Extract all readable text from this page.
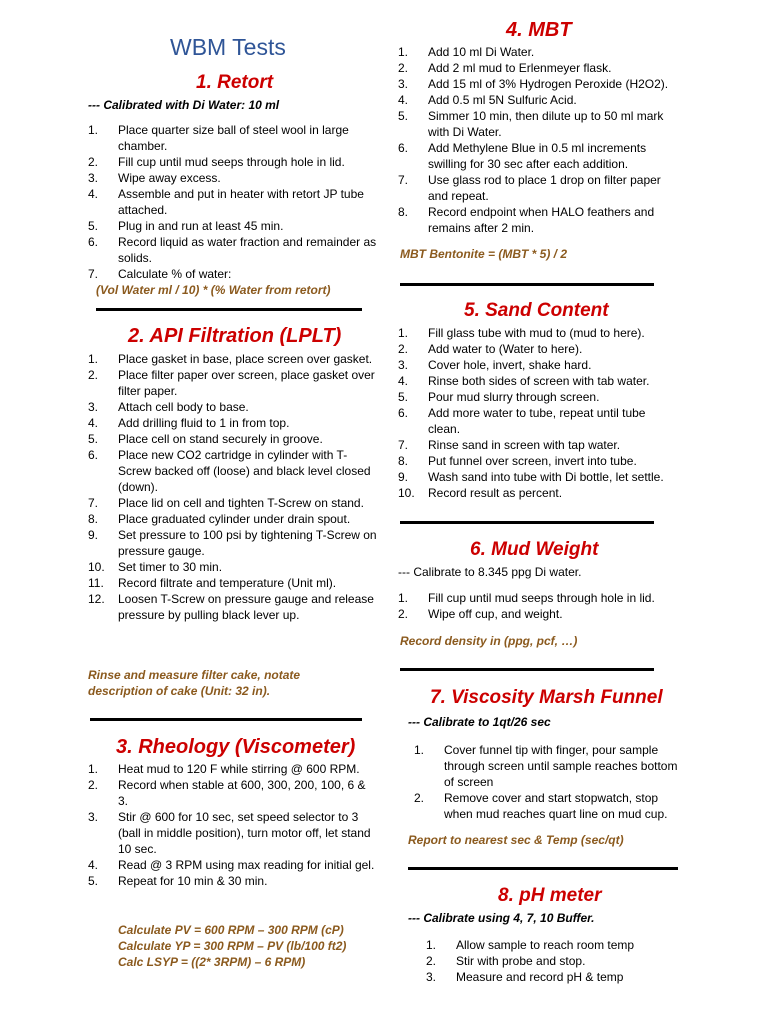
WBM Tests
1. Retort

--- Calibrated with Di Water: 10 ml

1. Place quarter size ball of steel wool in large chamber.
2. Fill cup until mud seeps through hole in lid.
3. Wipe away excess.
4. Assemble and put in heater with retort JP tube attached.
5. Plug in and run at least 45 min.
6. Record liquid as water fraction and remainder as solids.
7. Calculate % of water:

(Vol Water ml / 10) * (% Water from retort)

2. API Filtration (LPLT)
1. Place gasket in base, place screen over gasket.
2. Place filter paper over screen, place gasket over filter paper.
3. Attach cell body to base.
4. Add drilling fluid to 1 in from top.
5. Place cell on stand securely in groove.
6. Place new CO2 cartridge in cylinder with T-Screw backed off (loose) and black level closed (down).
7. Place lid on cell and tighten T-Screw on stand.
8. Place graduated cylinder under drain spout.
9. Set pressure to 100 psi by tightening T-Screw on pressure gauge.
10. Set timer to 30 min.
11. Record filtrate and temperature (Unit ml).
12. Loosen T-Screw on pressure gauge and release pressure by pulling black lever up.

Rinse and measure filter cake, notate description of cake (Unit: 32 in).

3. Rheology (Viscometer)
1. Heat mud to 120 F while stirring @ 600 RPM.
2. Record when stable at 600, 300, 200, 100, 6 & 3.
3. Stir @ 600 for 10 sec, set speed selector to 3 (ball in middle position), turn motor off, let stand 10 sec.
4. Read @ 3 RPM using max reading for initial gel.
5. Repeat for 10 min & 30 min.
Calculate PV = 600 RPM – 300 RPM (cP)
Calculate YP = 300 RPM – PV (lb/100 ft2)
Calc LSYP = ((2* 3RPM) – 6 RPM)
4. MBT
1. Add 10 ml Di Water.
2. Add 2 ml mud to Erlenmeyer flask.
3. Add 15 ml of 3% Hydrogen Peroxide (H2O2).
4. Add 0.5 ml 5N Sulfuric Acid.
5. Simmer 10 min, then dilute up to 50 ml mark with Di Water.
6. Add Methylene Blue in 0.5 ml increments swilling for 30 sec after each addition.
7. Use glass rod to place 1 drop on filter paper and repeat.
8. Record endpoint when HALO feathers and remains after 2 min.

MBT Bentonite = (MBT * 5) / 2

5. Sand Content
1. Fill glass tube with mud to (mud to here).
2. Add water to (Water to here).
3. Cover hole, invert, shake hard.
4. Rinse both sides of screen with tab water.
5. Pour mud slurry through screen.
6. Add more water to tube, repeat until tube clean.
7. Rinse sand in screen with tap water.
8. Put funnel over screen, invert into tube.
9. Wash sand into tube with Di bottle, let settle.
10. Record result as percent.
6. Mud Weight

--- Calibrate to 8.345 ppg Di water.

1. Fill cup until mud seeps through hole in lid.
2. Wipe off cup, and weight.

Record density in (ppg, pcf, …)

7. Viscosity Marsh Funnel

--- Calibrate to 1qt/26 sec

1. Cover funnel tip with finger, pour sample through screen until sample reaches bottom of screen
2. Remove cover and start stopwatch, stop when mud reaches quart line on mud cup.

Report to nearest sec & Temp (sec/qt)

8. pH meter

--- Calibrate using 4, 7, 10 Buffer.

1. Allow sample to reach room temp
2. Stir with probe and stop.
3. Measure and record pH & temp
